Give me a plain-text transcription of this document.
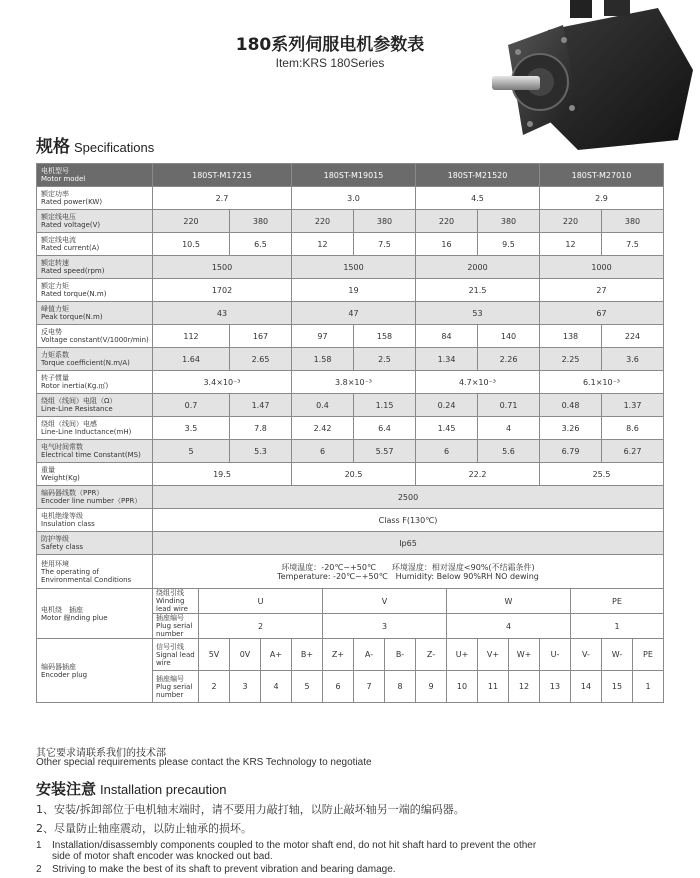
180系列伺服电机参数表
Item:KRS 180Series
规格 Specifications
电机型号
Motor model	180ST-M17215				180ST-M19015				180ST-M21520				180ST-M27010			
额定功率
Rated power(KW)	2.7				3.0				4.5				2.9			
额定线电压
Rated voltage(V)	220		380		220		380		220		380		220		380	
额定线电流
Rated current(A)	10.5		6.5		12		7.5		16		9.5		12		7.5	
额定转速
Rated speed(rpm)	1500				1500				2000				1000			
额定力矩
Rated torque(N.m)	1702				19				21.5				27			
峰值力矩
Peak torque(N.m)	43				47				53				67			
反电势
Voltage constant(V/1000r/min)	112		167		97		158		84		140		138		224	
力矩系数
Torque coefficient(N.m/A)	1.64		2.65		1.58		2.5		1.34		2.26		2.25		3.6	
转子惯量
Rotor inertia(Kg.㎡)	3.4×10⁻³				3.8×10⁻³				4.7×10⁻³				6.1×10⁻³			
绕组（线间）电阻（Ω）
Line-Line Resistance	0.7		1.47		0.4		1.15		0.24		0.71		0.48		1.37	
绕组（线间）电感
Line-Line Inductance(mH)	3.5		7.8		2.42		6.4		1.45		4		3.26		8.6	
电气时间常数
Electrical time Constant(MS)	5		5.3		6		5.57		6		5.6		6.79		6.27	
重量
Weight(Kg)	19.5				20.5				22.2				25.5			
编码器线数（PPR）
Encoder line number（PPR）	2500															
电机绝缘等级
Insulation class	Class F(130℃)															
防护等级
Safety class	Ip65															
使用环境
The operating of Environmental Conditions	环境温度：-20℃~+50℃　　环境湿度：相对湿度<90%(不结霜条件)
Temperature: -20℃~+50℃　Humidity: Below 90%RH NO dewing															
电机绕　插座
Motor 線nding plue	绕组引线
Winding lead wire	U				V				W				PE		
	插座编号
Plug serial number	2				3				4				1		
编码器插座
Encoder plug	信号引线
Signal lead wire	5V	0V	A+	B+	Z+	A-	B-	Z-	U+	V+	W+	U-	V-	W-	PE
	插座编号
Plug serial number	2	3	4	5	6	7	8	9	10	11	12	13	14	15	1
其它要求请联系我们的技术部
Other special requirements please contact the KRS Technology to negotiate
安装注意 Installation precaution
1、安装/拆卸部位于电机轴末端时，请不要用力敲打轴，以防止敲坏轴另一端的编码器。
2、尽量防止轴座震动，以防止轴承的损坏。
1 Installation/disassembly components coupled to the motor shaft end, do not hit shaft hard to prevent the other
side of motor shaft encoder was knocked out bad.
2 Striving to make the best of its shaft to prevent vibration and bearing damage.
